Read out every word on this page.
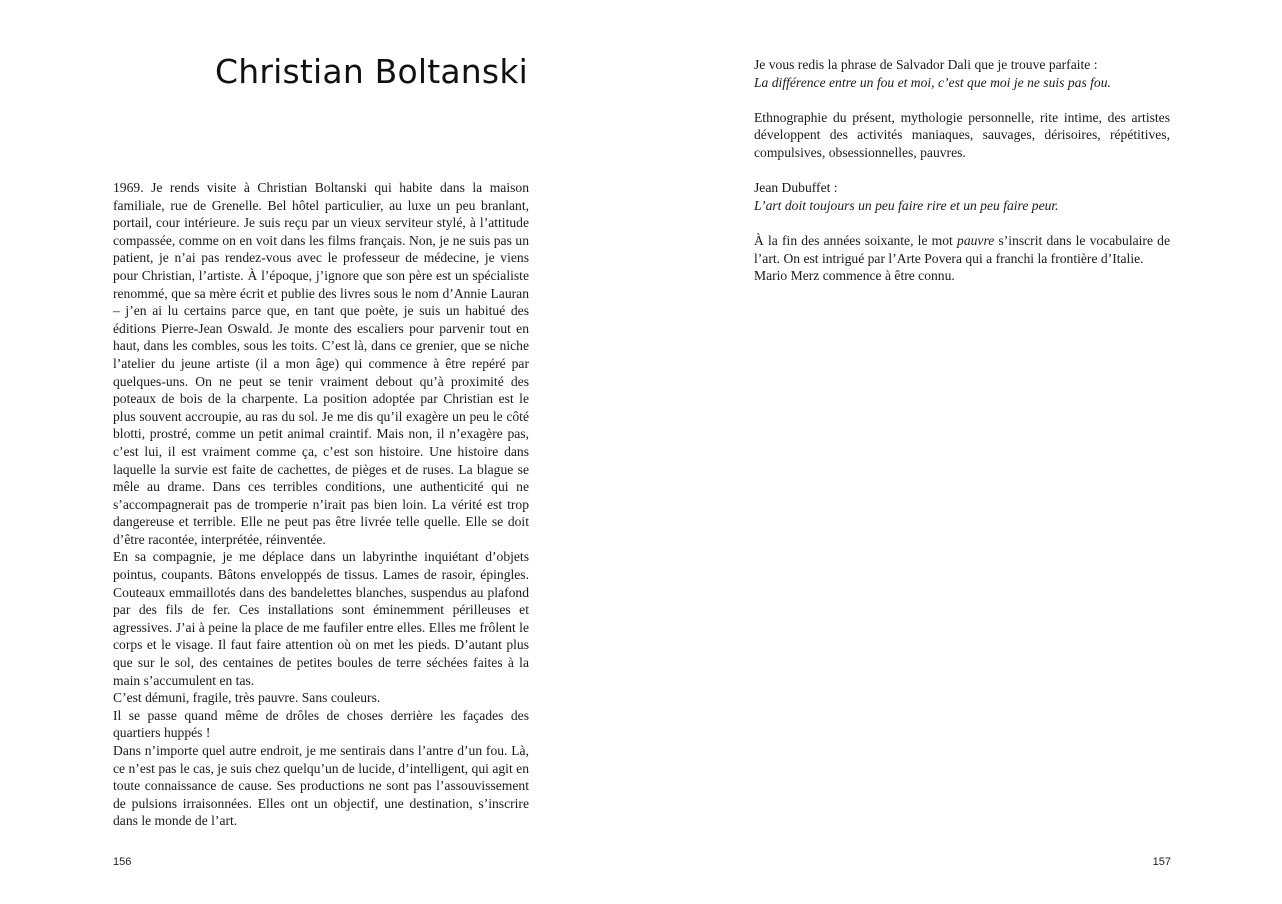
Christian Boltanski

1969. Je rends visite à Christian Boltanski qui habite dans la maison familiale, rue de Grenelle. Bel hôtel particulier, au luxe un peu branlant, portail, cour intérieure. Je suis reçu par un vieux serviteur stylé, à l’attitude compassée, comme on en voit dans les films français. Non, je ne suis pas un patient, je n’ai pas rendez-vous avec le professeur de médecine, je viens pour Christian, l’artiste. À l’époque, j’ignore que son père est un spécialiste renommé, que sa mère écrit et publie des livres sous le nom d’Annie Lauran – j’en ai lu certains parce que, en tant que poète, je suis un habitué des éditions Pierre-Jean Oswald. Je monte des escaliers pour parvenir tout en haut, dans les combles, sous les toits. C’est là, dans ce grenier, que se niche l’atelier du jeune artiste (il a mon âge) qui commence à être repéré par quelques-uns. On ne peut se tenir vraiment debout qu’à proximité des poteaux de bois de la charpente. La position adoptée par Christian est le plus souvent accroupie, au ras du sol. Je me dis qu’il exagère un peu le côté blotti, prostré, comme un petit animal craintif. Mais non, il n’exagère pas, c’est lui, il est vraiment comme ça, c’est son histoire. Une histoire dans laquelle la survie est faite de cachettes, de pièges et de ruses. La blague se mêle au drame. Dans ces terribles conditions, une authenticité qui ne s’accompagnerait pas de tromperie n’irait pas bien loin. La vérité est trop dangereuse et terrible. Elle ne peut pas être livrée telle quelle. Elle se doit d’être racontée, interprétée, réinventée.

En sa compagnie, je me déplace dans un labyrinthe inquiétant d’objets pointus, coupants. Bâtons enveloppés de tissus. Lames de rasoir, épingles. Couteaux emmaillotés dans des bandelettes blanches, suspendus au plafond par des fils de fer. Ces installations sont éminemment périlleuses et agressives. J’ai à peine la place de me faufiler entre elles. Elles me frôlent le corps et le visage. Il faut faire attention où on met les pieds. D’autant plus que sur le sol, des centaines de petites boules de terre séchées faites à la main s’accumulent en tas.

C’est démuni, fragile, très pauvre. Sans couleurs.

Il se passe quand même de drôles de choses derrière les façades des quartiers huppés !

Dans n’importe quel autre endroit, je me sentirais dans l’antre d’un fou. Là, ce n’est pas le cas, je suis chez quelqu’un de lucide, d’intelligent, qui agit en toute connaissance de cause. Ses productions ne sont pas l’assouvissement de pulsions irraisonnées. Elles ont un objectif, une destination, s’inscrire dans le monde de l’art.

156

Je vous redis la phrase de Salvador Dali que je trouve parfaite :

La différence entre un fou et moi, c’est que moi je ne suis pas fou.

Ethnographie du présent, mythologie personnelle, rite intime, des artistes développent des activités maniaques, sauvages, dérisoires, répétitives, compulsives, obsessionnelles, pauvres.

Jean Dubuffet :

L’art doit toujours un peu faire rire et un peu faire peur.

À la fin des années soixante, le mot pauvre s’inscrit dans le vocabulaire de l’art. On est intrigué par l’Arte Povera qui a franchi la frontière d’Italie.

Mario Merz commence à être connu.

157
